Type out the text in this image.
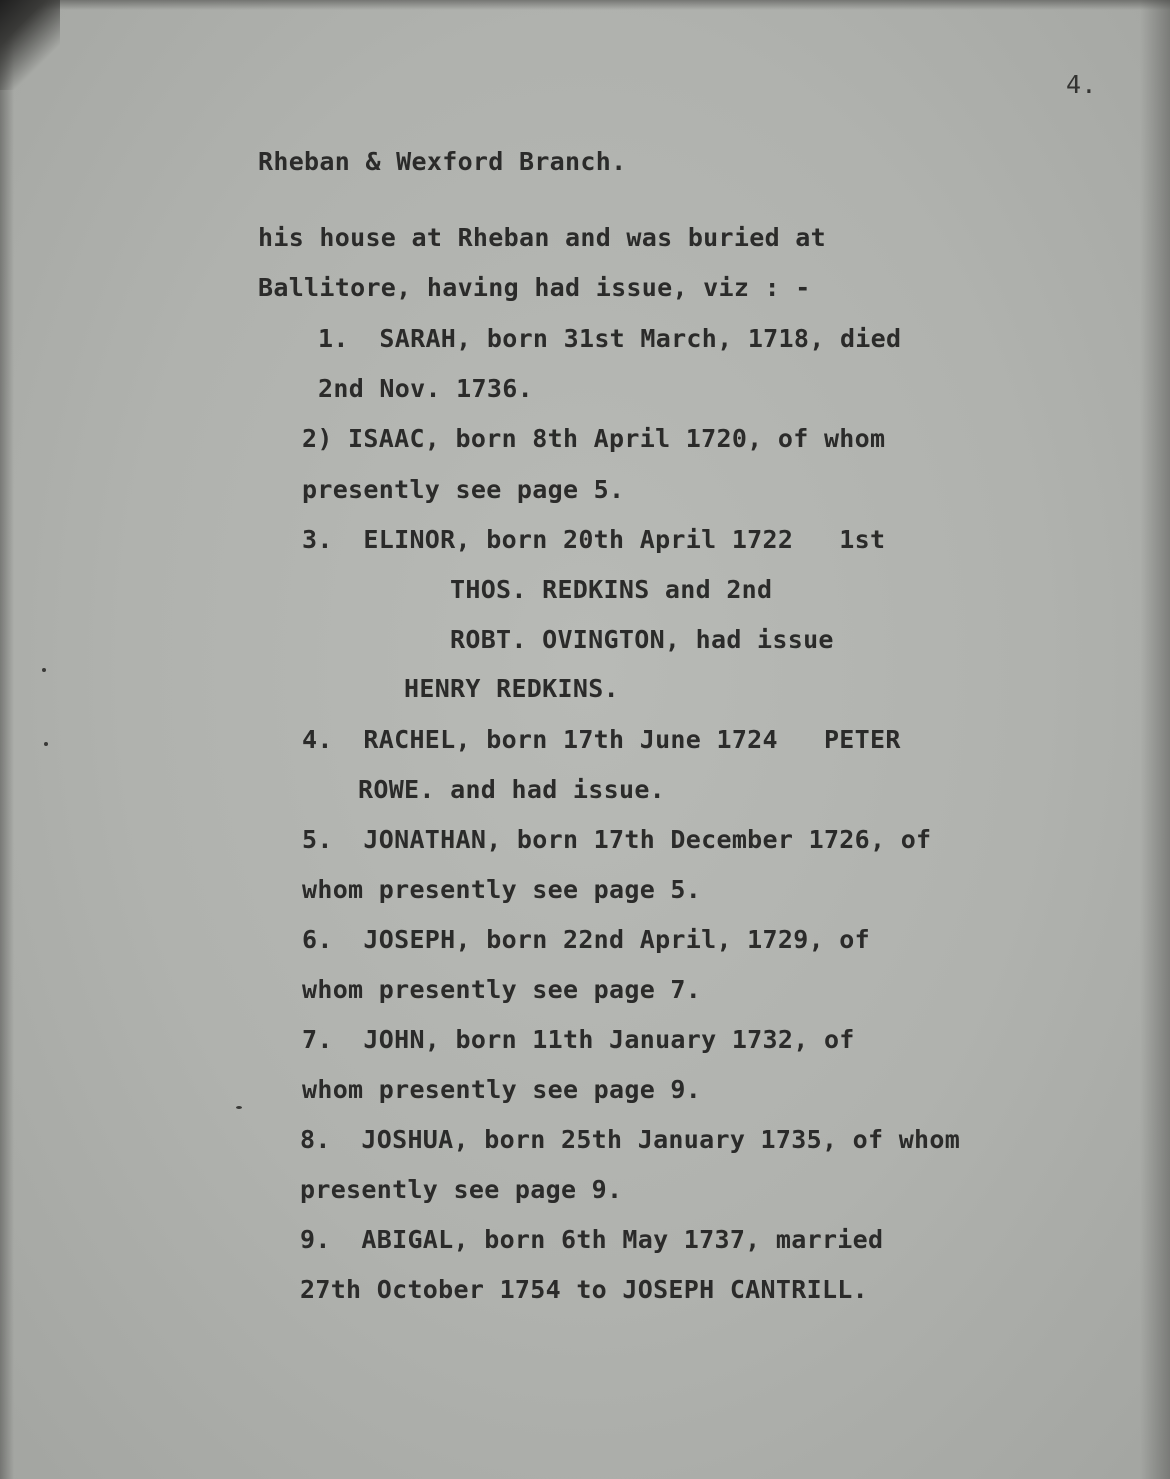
4.
Rheban & Wexford Branch.
his house at Rheban and was buried at
Ballitore, having had issue, viz : -
1.  SARAH, born 31st March, 1718, died
2nd Nov. 1736.
2) ISAAC, born 8th April 1720, of whom
presently see page 5.
3.  ELINOR, born 20th April 1722   1st
THOS. REDKINS and 2nd
ROBT. OVINGTON, had issue
HENRY REDKINS.
4.  RACHEL, born 17th June 1724   PETER
ROWE. and had issue.
5.  JONATHAN, born 17th December 1726, of
whom presently see page 5.
6.  JOSEPH, born 22nd April, 1729, of
whom presently see page 7.
7.  JOHN, born 11th January 1732, of
whom presently see page 9.
8.  JOSHUA, born 25th January 1735, of whom
presently see page 9.
9.  ABIGAL, born 6th May 1737, married
27th October 1754 to JOSEPH CANTRILL.
